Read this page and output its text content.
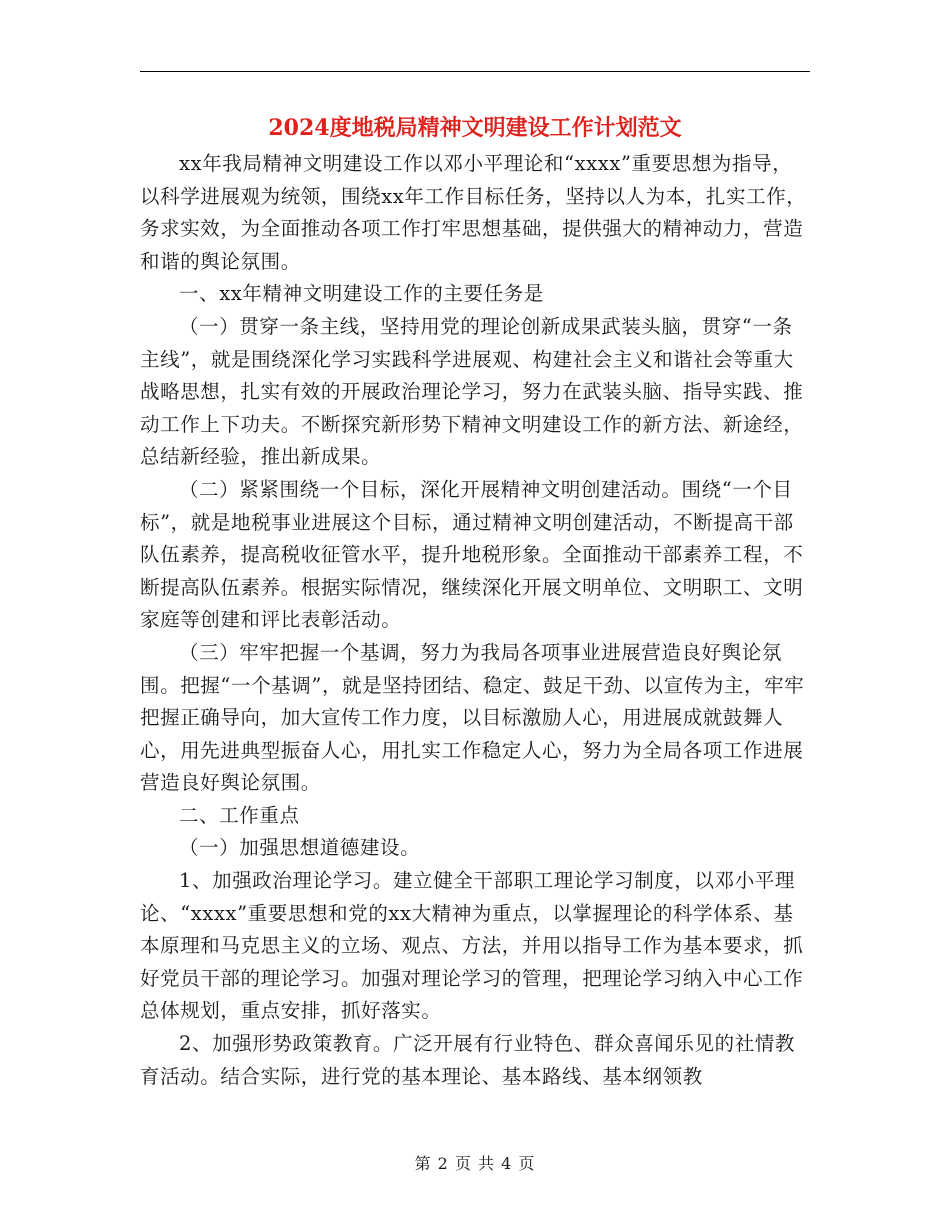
2024度地税局精神文明建设工作计划范文

xx年我局精神文明建设工作以邓小平理论和“xxxx”重要思想为指导，以科学进展观为统领，围绕xx年工作目标任务，坚持以人为本，扎实工作，务求实效，为全面推动各项工作打牢思想基础，提供强大的精神动力，营造和谐的舆论氛围。

一、xx年精神文明建设工作的主要任务是

（一）贯穿一条主线，坚持用党的理论创新成果武装头脑，贯穿“一条主线”，就是围绕深化学习实践科学进展观、构建社会主义和谐社会等重大战略思想，扎实有效的开展政治理论学习，努力在武装头脑、指导实践、推动工作上下功夫。不断探究新形势下精神文明建设工作的新方法、新途经，总结新经验，推出新成果。

（二）紧紧围绕一个目标，深化开展精神文明创建活动。围绕“一个目标”，就是地税事业进展这个目标，通过精神文明创建活动，不断提高干部队伍素养，提高税收征管水平，提升地税形象。全面推动干部素养工程，不断提高队伍素养。根据实际情况，继续深化开展文明单位、文明职工、文明家庭等创建和评比表彰活动。

（三）牢牢把握一个基调，努力为我局各项事业进展营造良好舆论氛围。把握“一个基调”，就是坚持团结、稳定、鼓足干劲、以宣传为主，牢牢把握正确导向，加大宣传工作力度，以目标激励人心，用进展成就鼓舞人心，用先进典型振奋人心，用扎实工作稳定人心，努力为全局各项工作进展营造良好舆论氛围。

二、工作重点

（一）加强思想道德建设。

1、加强政治理论学习。建立健全干部职工理论学习制度，以邓小平理论、“xxxx”重要思想和党的xx大精神为重点，以掌握理论的科学体系、基本原理和马克思主义的立场、观点、方法，并用以指导工作为基本要求，抓好党员干部的理论学习。加强对理论学习的管理，把理论学习纳入中心工作总体规划，重点安排，抓好落实。

2、加强形势政策教育。广泛开展有行业特色、群众喜闻乐见的社情教育活动。结合实际，进行党的基本理论、基本路线、基本纲领教

第 2 页 共 4 页
